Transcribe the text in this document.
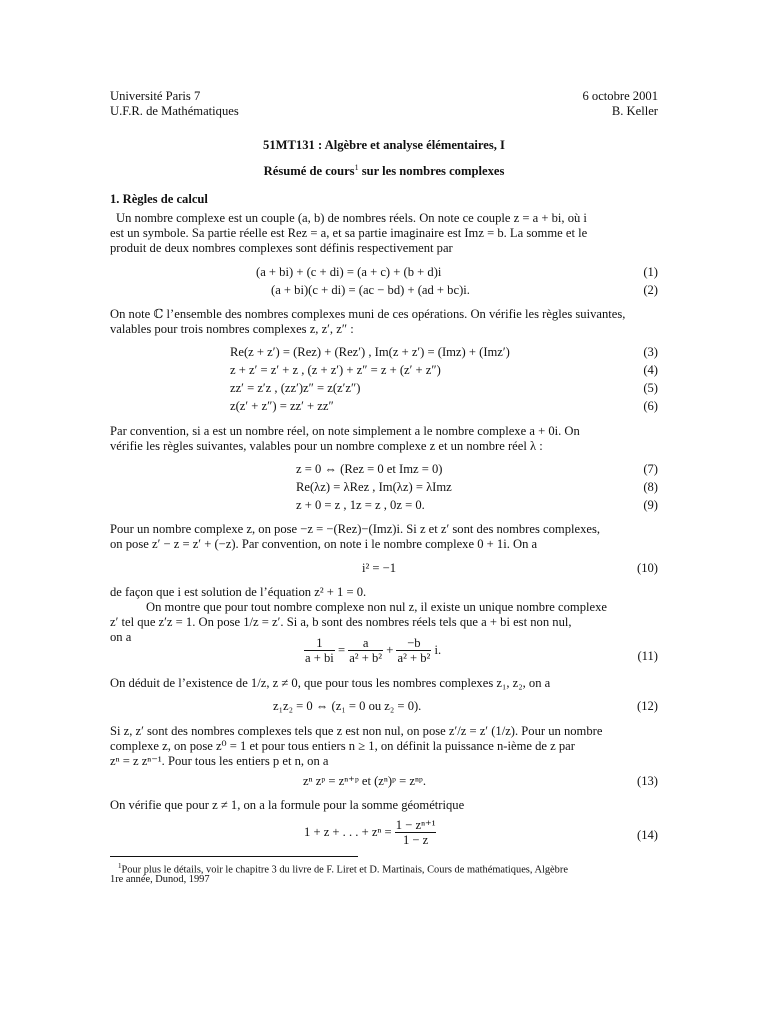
Université Paris 7
U.F.R. de Mathématiques
6 octobre 2001
B. Keller
51MT131 : Algèbre et analyse élémentaires, I
Résumé de cours$^1$ sur les nombres complexes
1. Règles de calcul
Un nombre complexe est un couple (a, b) de nombres réels. On note ce couple z = a + bi, où i
est un symbole. Sa partie réelle est Rez = a, et sa partie imaginaire est Imz = b. La somme et le
produit de deux nombres complexes sont définis respectivement par
(a + bi) + (c + di) = (a + c) + (b + d)i	(1)
(a + bi)(c + di) = (ac − bd) + (ad + bc)i.	(2)
On note ℂ l’ensemble des nombres complexes muni de ces opérations. On vérifie les règles suivantes,
valables pour trois nombres complexes z, z′, z″ :
Re(z + z′) = (Rez) + (Rez′) , Im(z + z′) = (Imz) + (Imz′)	(3)
z + z′ = z′ + z , (z + z′) + z″ = z + (z′ + z″)	(4)
zz′ = z′z , (zz′)z″ = z(z′z″)	(5)
z(z′ + z″) = zz′ + zz″	(6)
Par convention, si a est un nombre réel, on note simplement a le nombre complexe a + 0i. On
vérifie les règles suivantes, valables pour un nombre complexe z et un nombre réel λ :
z = 0 ⇔ (Rez = 0 et Imz = 0)	(7)
Re(λz) = λRez , Im(λz) = λImz	(8)
z + 0 = z , 1z = z , 0z = 0.	(9)
Pour un nombre complexe z, on pose −z = −(Rez)−(Imz)i. Si z et z′ sont des nombres complexes,
on pose z′ − z = z′ + (−z). Par convention, on note i le nombre complexe 0 + 1i. On a
i² = −1	(10)
de façon que i est solution de l’équation z² + 1 = 0.
On montre que pour tout nombre complexe non nul z, il existe un unique nombre complexe
z′ tel que z′z = 1. On pose 1/z = z′. Si a, b sont des nombres réels tels que a + bi est non nul,
on a	$\frac{1}{a + bi} = \frac{a}{\text{a² + b²}} + \frac{-b}{\text{a² + b²}} i$.	(11)
On déduit de l’existence de 1/z, z ≠ 0, que pour tous les nombres complexes z₁, z₂, on a
z₁z₂ = 0 ⇔ (z₁ = 0 ou z₂ = 0).	(12)
Si z, z′ sont des nombres complexes tels que z est non nul, on pose z′/z = z′ (1/z). Pour un nombre
complexe z, on pose z⁰ = 1 et pour tous entiers n ≥ 1, on définit la puissance n-ième de z par
zⁿ = z zⁿ⁻¹. Pour tous les entiers p et n, on a
zⁿ zᵖ = zⁿ⁺ᵖ et (zⁿ)ᵖ = zⁿᵖ.	(13)
On vérifie que pour z ≠ 1, on a la formule pour la somme géométrique
1 + z + . . . + $z^n = \frac{\text{1 − zⁿ⁺¹}}{1 - z}$	(14)
$^1$Pour plus le détails, voir le chapitre 3 du livre de F. Liret et D. Martinais, Cours de mathématiques, Algèbre
1re année, Dunod, 1997
